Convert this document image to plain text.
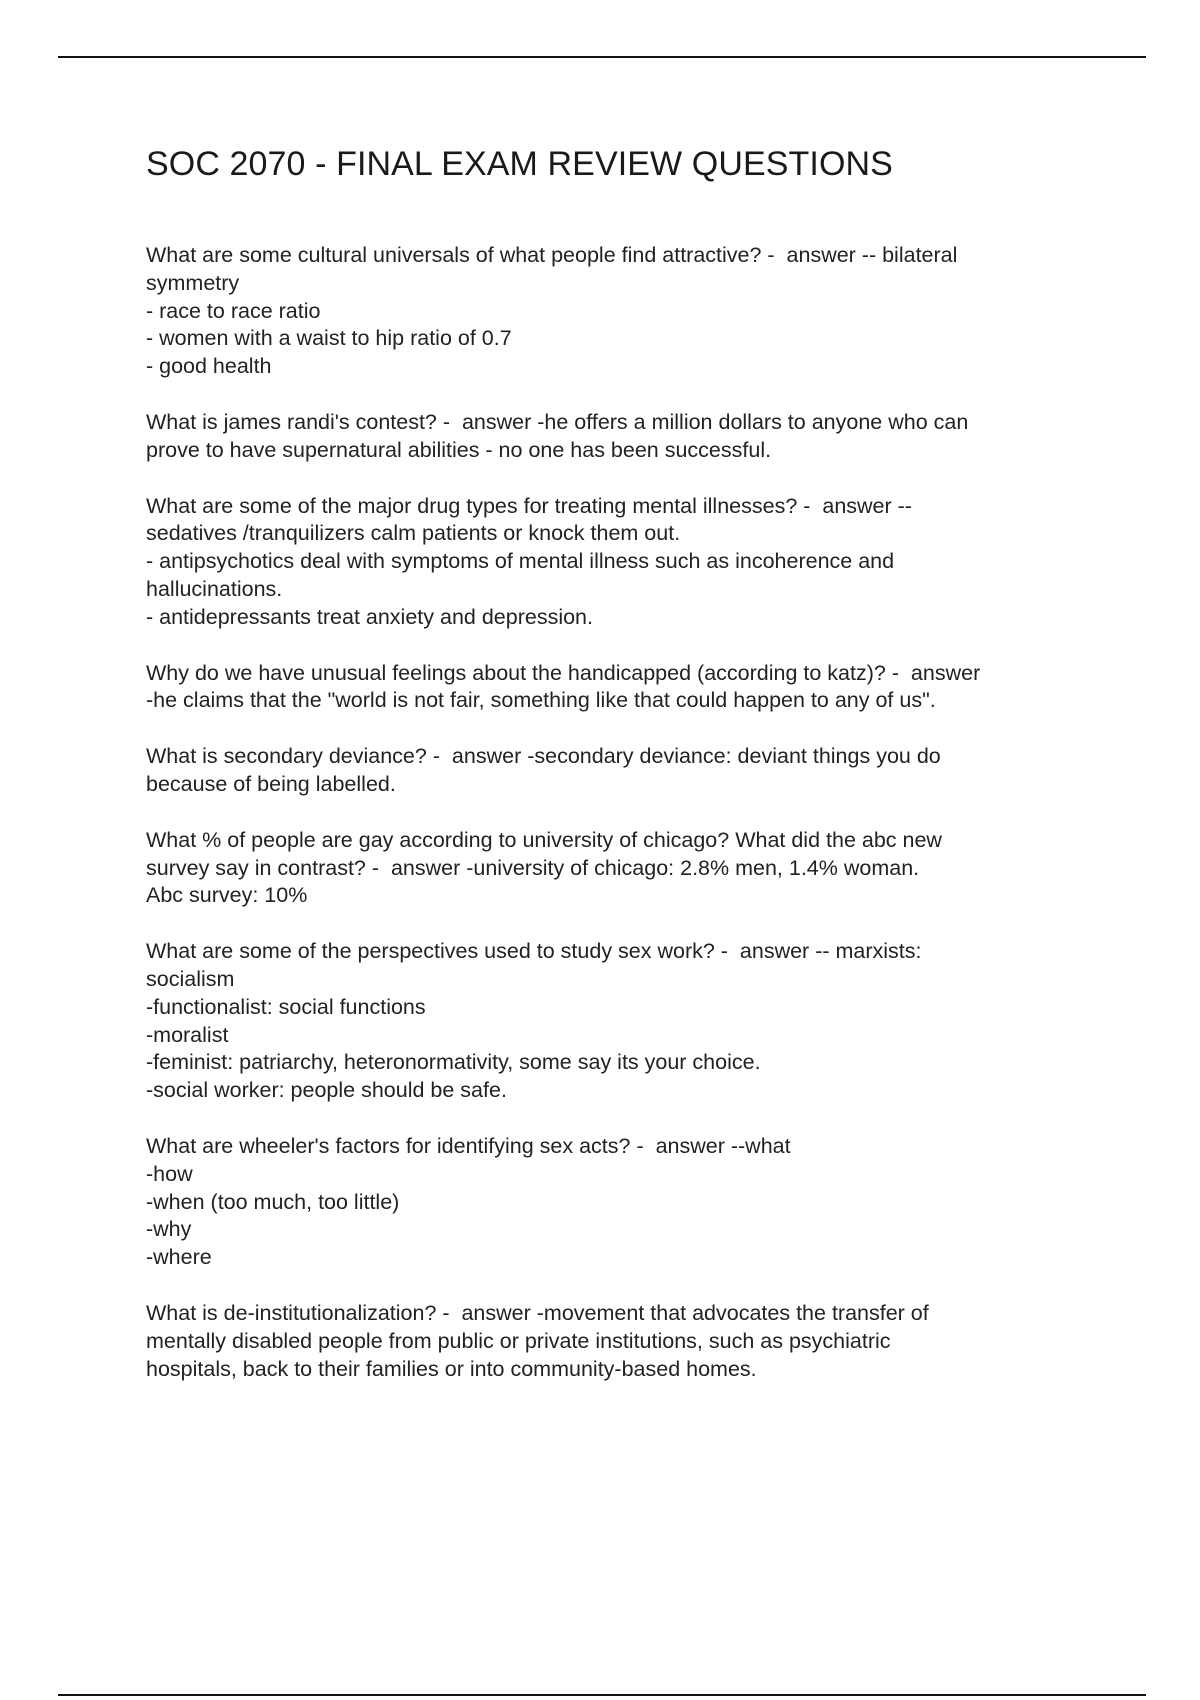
SOC 2070 - FINAL EXAM REVIEW QUESTIONS
What are some cultural universals of what people find attractive? -  answer -- bilateral
symmetry
- race to race ratio
- women with a waist to hip ratio of 0.7
- good health
What is james randi's contest? -  answer -he offers a million dollars to anyone who can
prove to have supernatural abilities - no one has been successful.
What are some of the major drug types for treating mental illnesses? -  answer --
sedatives /tranquilizers calm patients or knock them out.
- antipsychotics deal with symptoms of mental illness such as incoherence and
hallucinations.
- antidepressants treat anxiety and depression.
Why do we have unusual feelings about the handicapped (according to katz)? -  answer
-he claims that the "world is not fair, something like that could happen to any of us".
What is secondary deviance? -  answer -secondary deviance: deviant things you do
because of being labelled.
What % of people are gay according to university of chicago? What did the abc new
survey say in contrast? -  answer -university of chicago: 2.8% men, 1.4% woman.
Abc survey: 10%
What are some of the perspectives used to study sex work? -  answer -- marxists:
socialism
-functionalist: social functions
-moralist
-feminist: patriarchy, heteronormativity, some say its your choice.
-social worker: people should be safe.
What are wheeler's factors for identifying sex acts? -  answer --what
-how
-when (too much, too little)
-why
-where
What is de-institutionalization? -  answer -movement that advocates the transfer of
mentally disabled people from public or private institutions, such as psychiatric
hospitals, back to their families or into community-based homes.
